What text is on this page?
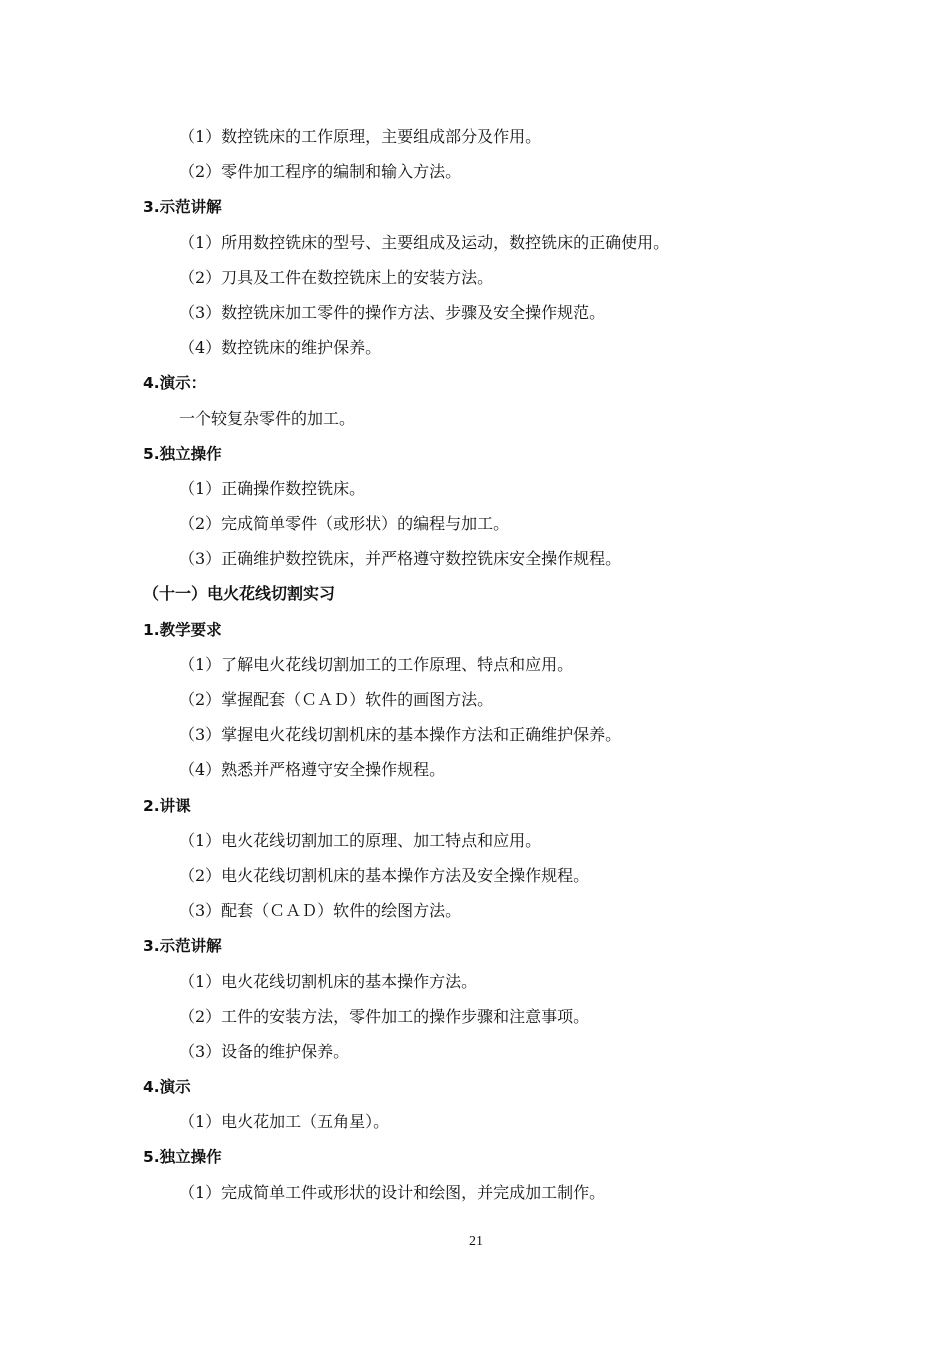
（1）数控铣床的工作原理，主要组成部分及作用。
（2）零件加工程序的编制和输入方法。
3.示范讲解
（1）所用数控铣床的型号、主要组成及运动，数控铣床的正确使用。
（2）刀具及工件在数控铣床上的安装方法。
（3）数控铣床加工零件的操作方法、步骤及安全操作规范。
（4）数控铣床的维护保养。
4.演示：
一个较复杂零件的加工。
5.独立操作
（1）正确操作数控铣床。
（2）完成简单零件（或形状）的编程与加工。
（3）正确维护数控铣床，并严格遵守数控铣床安全操作规程。
（十一）电火花线切割实习
1.教学要求
（1）了解电火花线切割加工的工作原理、特点和应用。
（2）掌握配套（ＣＡＤ）软件的画图方法。
（3）掌握电火花线切割机床的基本操作方法和正确维护保养。
（4）熟悉并严格遵守安全操作规程。
2.讲课
（1）电火花线切割加工的原理、加工特点和应用。
（2）电火花线切割机床的基本操作方法及安全操作规程。
（3）配套（ＣＡＤ）软件的绘图方法。
3.示范讲解
（1）电火花线切割机床的基本操作方法。
（2）工件的安装方法，零件加工的操作步骤和注意事项。
（3）设备的维护保养。
4.演示
（1）电火花加工（五角星）。
5.独立操作
（1）完成简单工件或形状的设计和绘图，并完成加工制作。
21
